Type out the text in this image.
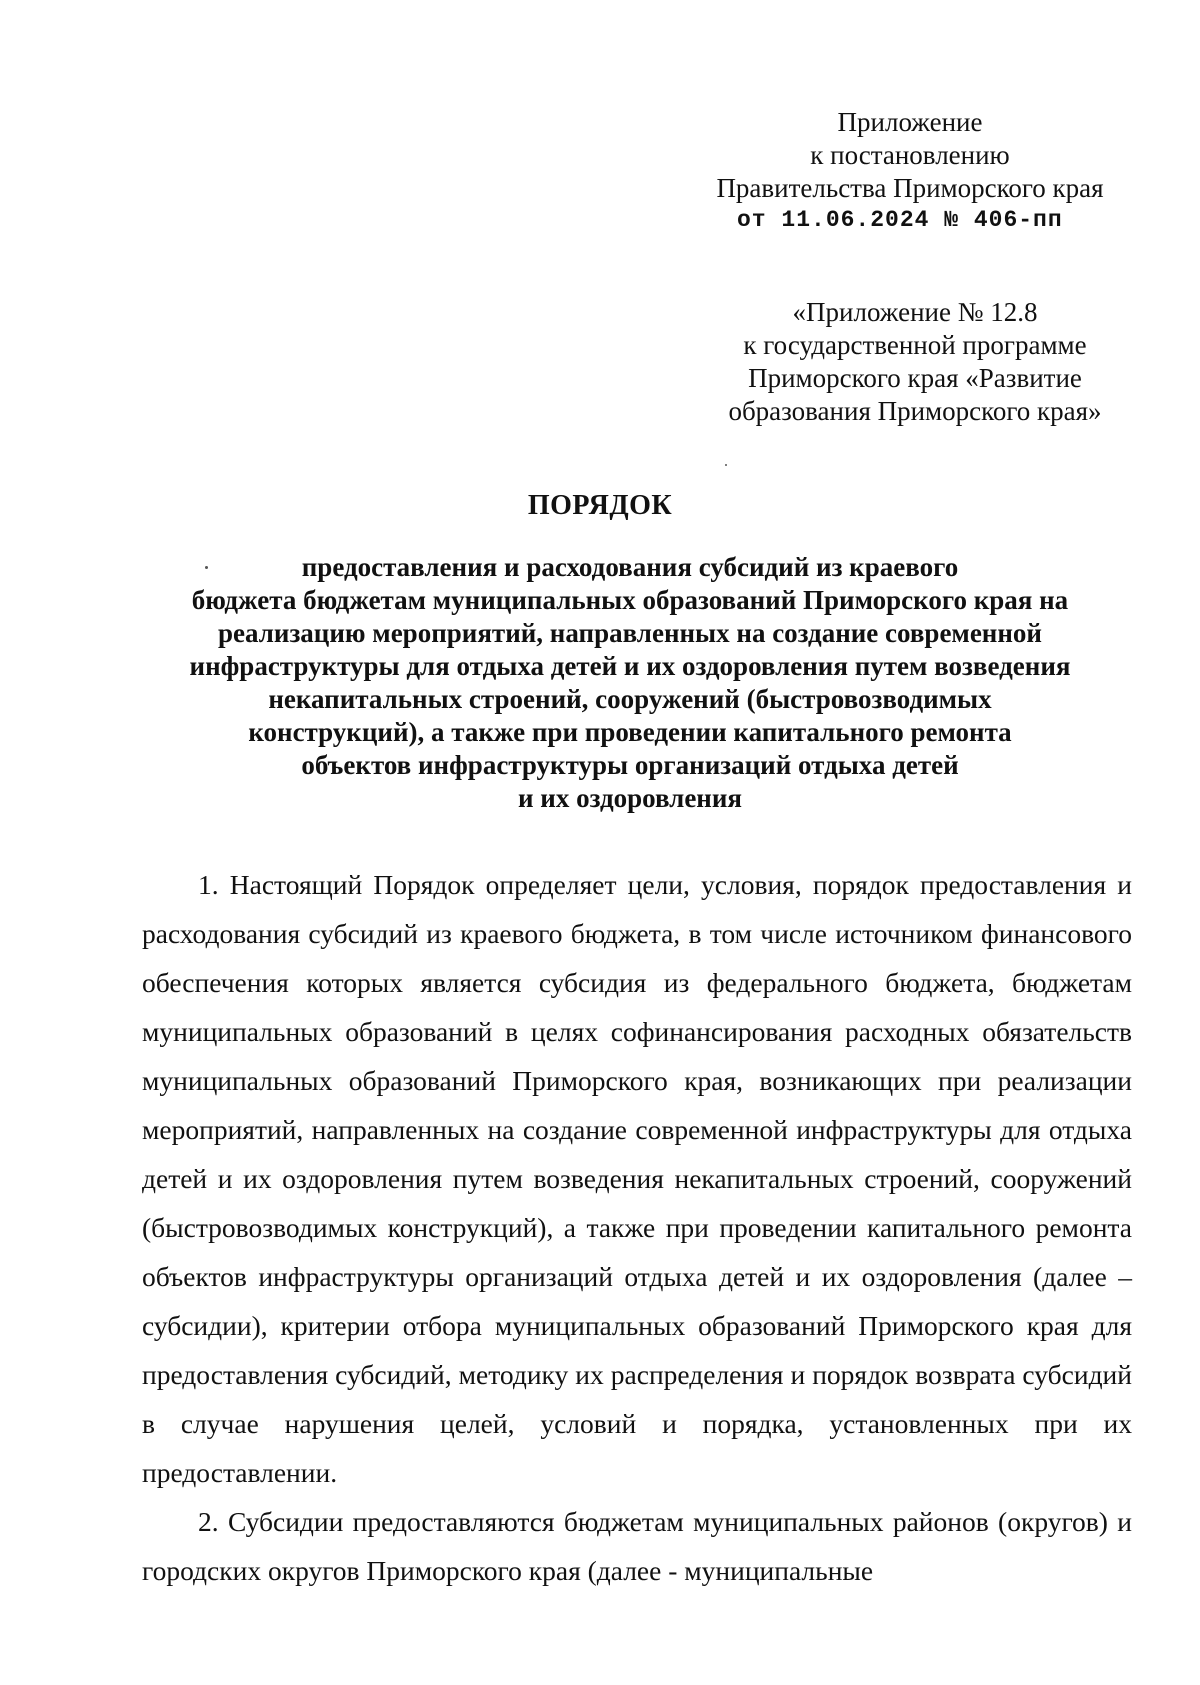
Приложение
к постановлению
Правительства Приморского края
от 11.06.2024 № 406-пп
«Приложение № 12.8
к государственной программе
Приморского края «Развитие
образования Приморского края»
ПОРЯДОК
предоставления и расходования субсидий из краевого
бюджета бюджетам муниципальных образований Приморского края на
реализацию мероприятий, направленных на создание современной
инфраструктуры для отдыха детей и их оздоровления путем возведения
некапитальных строений, сооружений (быстровозводимых
конструкций), а также при проведении капитального ремонта
объектов инфраструктуры организаций отдыха детей
и их оздоровления

1. Настоящий Порядок определяет цели, условия, порядок предоставления и расходования субсидий из краевого бюджета, в том числе источником финансового обеспечения которых является субсидия из федерального бюджета, бюджетам муниципальных образований в целях софинансирования расходных обязательств муниципальных образований Приморского края, возникающих при реализации мероприятий, направленных на создание современной инфраструктуры для отдыха детей и их оздоровления путем возведения некапитальных строений, сооружений (быстровозводимых конструкций), а также при проведении капитального ремонта объектов инфраструктуры организаций отдыха детей и их оздоровления (далее – субсидии), критерии отбора муниципальных образований Приморского края для предоставления субсидий, методику их распределения и порядок возврата субсидий в случае нарушения целей, условий и порядка, установленных при их предоставлении.

2. Субсидии предоставляются бюджетам муниципальных районов (округов) и городских округов Приморского края (далее - муниципальные
